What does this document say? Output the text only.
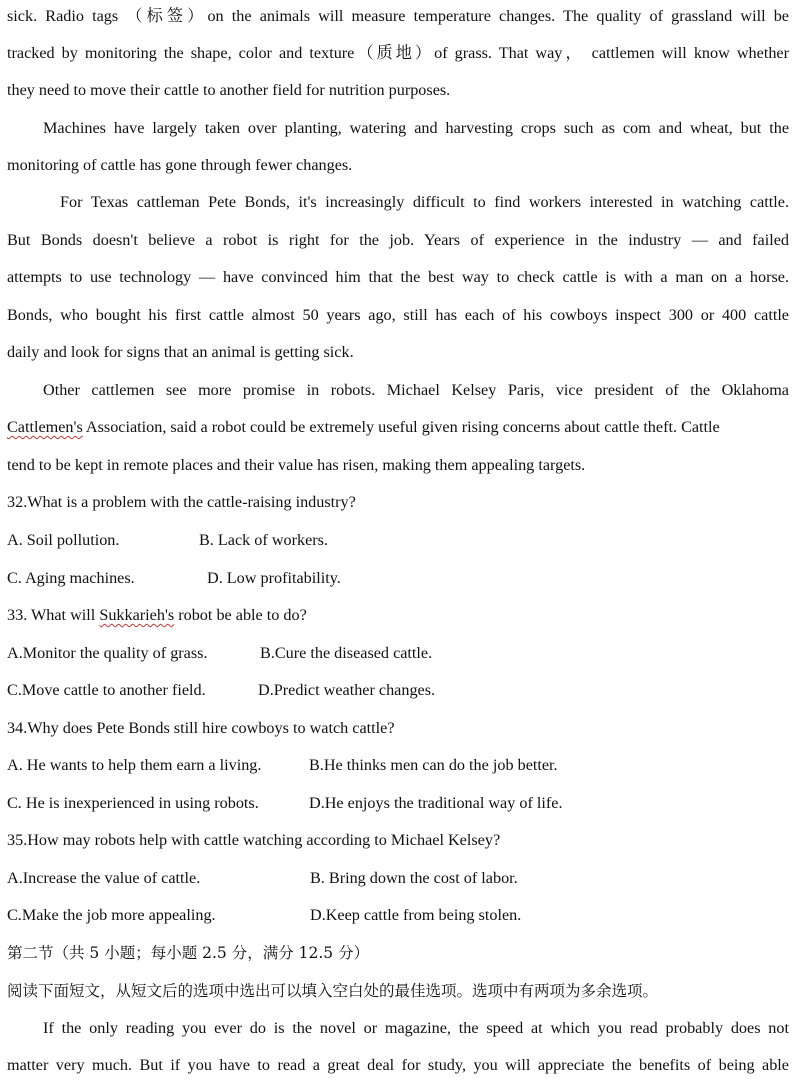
sick. Radio tags （标签）on the animals will measure temperature changes. The quality of grassland will be
tracked by monitoring the shape, color and texture（质地）of grass. That way， cattlemen will know whether
they need to move their cattle to another field for nutrition purposes.
Machines have largely taken over planting, watering and harvesting crops such as com and wheat, but the
monitoring of cattle has gone through fewer changes.
For Texas cattleman Pete Bonds, it's increasingly difficult to find workers interested in watching cattle.
But Bonds doesn't believe a robot is right for the job. Years of experience in the industry — and failed
attempts to use technology — have convinced him that the best way to check cattle is with a man on a horse.
Bonds, who bought his first cattle almost 50 years ago, still has each of his cowboys inspect 300 or 400 cattle
daily and look for signs that an animal is getting sick.
Other cattlemen see more promise in robots. Michael Kelsey Paris, vice president of the Oklahoma
Cattlemen's Association, said a robot could be extremely useful given rising concerns about cattle theft. Cattle
tend to be kept in remote places and their value has risen, making them appealing targets.
32.What is a problem with the cattle-raising industry?
A. Soil pollution.	B. Lack of workers.
C. Aging machines.	D. Low profitability.
33. What will Sukkarieh's robot be able to do?
A.Monitor the quality of grass.	B.Cure the diseased cattle.
C.Move cattle to another field.	D.Predict weather changes.
34.Why does Pete Bonds still hire cowboys to watch cattle?
A. He wants to help them earn a living.	B.He thinks men can do the job better.
C. He is inexperienced in using robots.	D.He enjoys the traditional way of life.
35.How may robots help with cattle watching according to Michael Kelsey?
A.Increase the value of cattle.	B. Bring down the cost of labor.
C.Make the job more appealing.	D.Keep cattle from being stolen.
第二节（共 5 小题；每小题 2.5 分，满分 12.5 分）
阅读下面短文，从短文后的选项中选出可以填入空白处的最佳选项。选项中有两项为多余选项。
If the only reading you ever do is the novel or magazine, the speed at which you read probably does not
matter very much. But if you have to read a great deal for study, you will appreciate the benefits of being able
